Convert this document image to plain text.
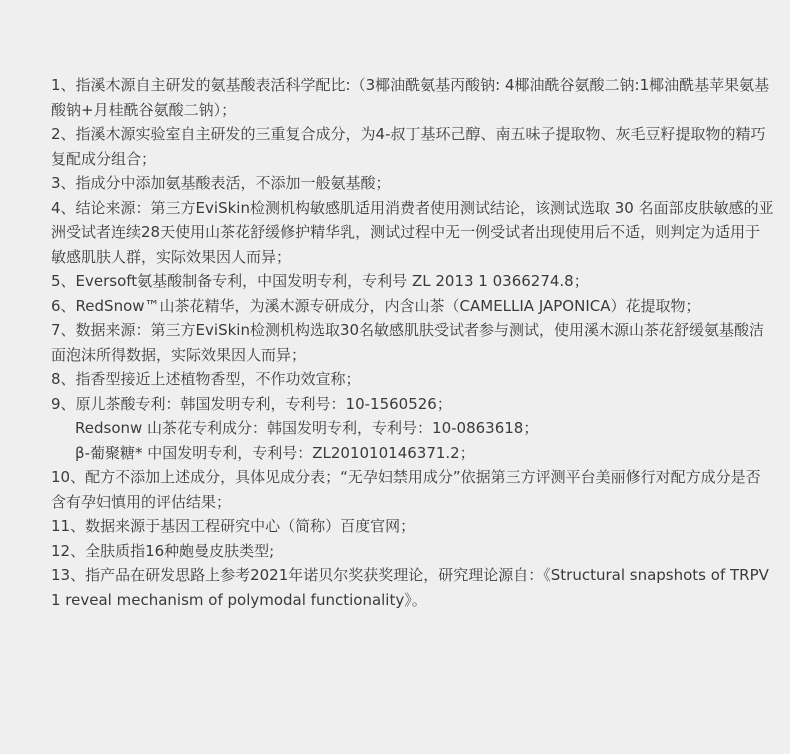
1、指溪木源自主研发的氨基酸表活科学配比:（3椰油酰氨基丙酸钠: 4椰油酰谷氨酸二钠:1椰油酰基苹果氨基酸钠+月桂酰谷氨酸二钠）；

2、指溪木源实验室自主研发的三重复合成分，为4-叔丁基环己醇、南五味子提取物、灰毛豆籽提取物的精巧复配成分组合；

3、指成分中添加氨基酸表活，不添加一般氨基酸；

4、结论来源：第三方EviSkin检测机构敏感肌适用消费者使用测试结论，该测试选取 30 名面部皮肤敏感的亚洲受试者连续28天使用山茶花舒缓修护精华乳，测试过程中无一例受试者出现使用后不适，则判定为适用于敏感肌肤人群，实际效果因人而异；

5、Eversoft氨基酸制备专利，中国发明专利，专利号 ZL 2013 1 0366274.8；

6、RedSnow™山茶花精华，为溪木源专研成分，内含山茶（CAMELLIA JAPONICA）花提取物；

7、数据来源：第三方EviSkin检测机构选取30名敏感肌肤受试者参与测试，使用溪木源山茶花舒缓氨基酸洁面泡沫所得数据，实际效果因人而异；

8、指香型接近上述植物香型，不作功效宣称；

9、原儿茶酸专利：韩国发明专利，专利号：10-1560526；

Redsonw 山茶花专利成分：韩国发明专利，专利号：10-0863618；

β-葡聚糖* 中国发明专利，专利号：ZL201010146371.2；

10、配方不添加上述成分，具体见成分表；“无孕妇禁用成分”依据第三方评测平台美丽修行对配方成分是否含有孕妇慎用的评估结果；

11、数据来源于基因工程研究中心（简称）百度官网；

12、全肤质指16种皰曼皮肤类型;

13、指产品在研发思路上参考2021年诺贝尔奖获奖理论，研究理论源自：《Structural snapshots of TRPV1 reveal mechanism of polymodal functionality》。
